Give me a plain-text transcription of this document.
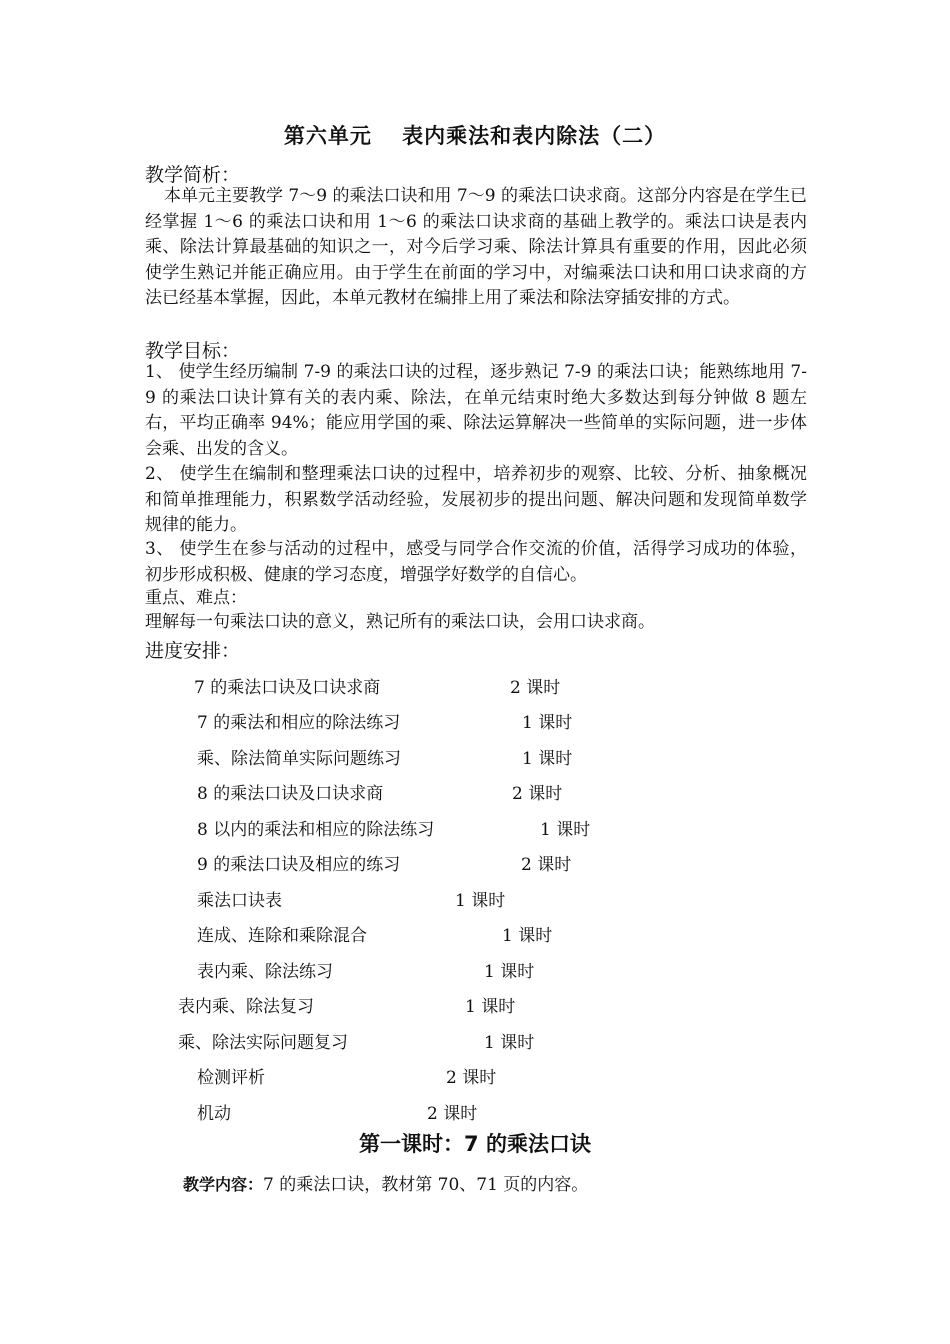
第六单元　 表内乘法和表内除法（二）
教学简析：

本单元主要教学 7～9 的乘法口诀和用 7～9 的乘法口诀求商。这部分内容是在学生已经掌握 1～6 的乘法口诀和用 1～6 的乘法口诀求商的基础上教学的。乘法口诀是表内乘、除法计算最基础的知识之一，对今后学习乘、除法计算具有重要的作用，因此必须使学生熟记并能正确应用。由于学生在前面的学习中，对编乘法口诀和用口诀求商的方法已经基本掌握，因此，本单元教材在编排上用了乘法和除法穿插安排的方式。

教学目标：

1、 使学生经历编制 7-9 的乘法口诀的过程，逐步熟记 7-9 的乘法口诀；能熟练地用 7-9 的乘法口诀计算有关的表内乘、除法，在单元结束时绝大多数达到每分钟做 8 题左右，平均正确率 94%；能应用学国的乘、除法运算解决一些简单的实际问题，进一步体会乘、出发的含义。

2、 使学生在编制和整理乘法口诀的过程中，培养初步的观察、比较、分析、抽象概况和简单推理能力，积累数学活动经验，发展初步的提出问题、解决问题和发现简单数学规律的能力。

3、 使学生在参与活动的过程中，感受与同学合作交流的价值，活得学习成功的体验，初步形成积极、健康的学习态度，增强学好数学的自信心。

重点、难点：
理解每一句乘法口诀的意义，熟记所有的乘法口诀，会用口诀求商。
进度安排：
7 的乘法口诀及口诀求商	2 课时
7 的乘法和相应的除法练习	1 课时
乘、除法简单实际问题练习	1 课时
8 的乘法口诀及口诀求商	2 课时
8 以内的乘法和相应的除法练习	1 课时
9 的乘法口诀及相应的练习	2 课时
乘法口诀表	1 课时
连成、连除和乘除混合	1 课时
表内乘、除法练习	1 课时
表内乘、除法复习	1 课时
乘、除法实际问题复习	1 课时
检测评析	2 课时
机动	2 课时
第一课时：7 的乘法口诀
教学内容：7 的乘法口诀，教材第 70、71 页的内容。
